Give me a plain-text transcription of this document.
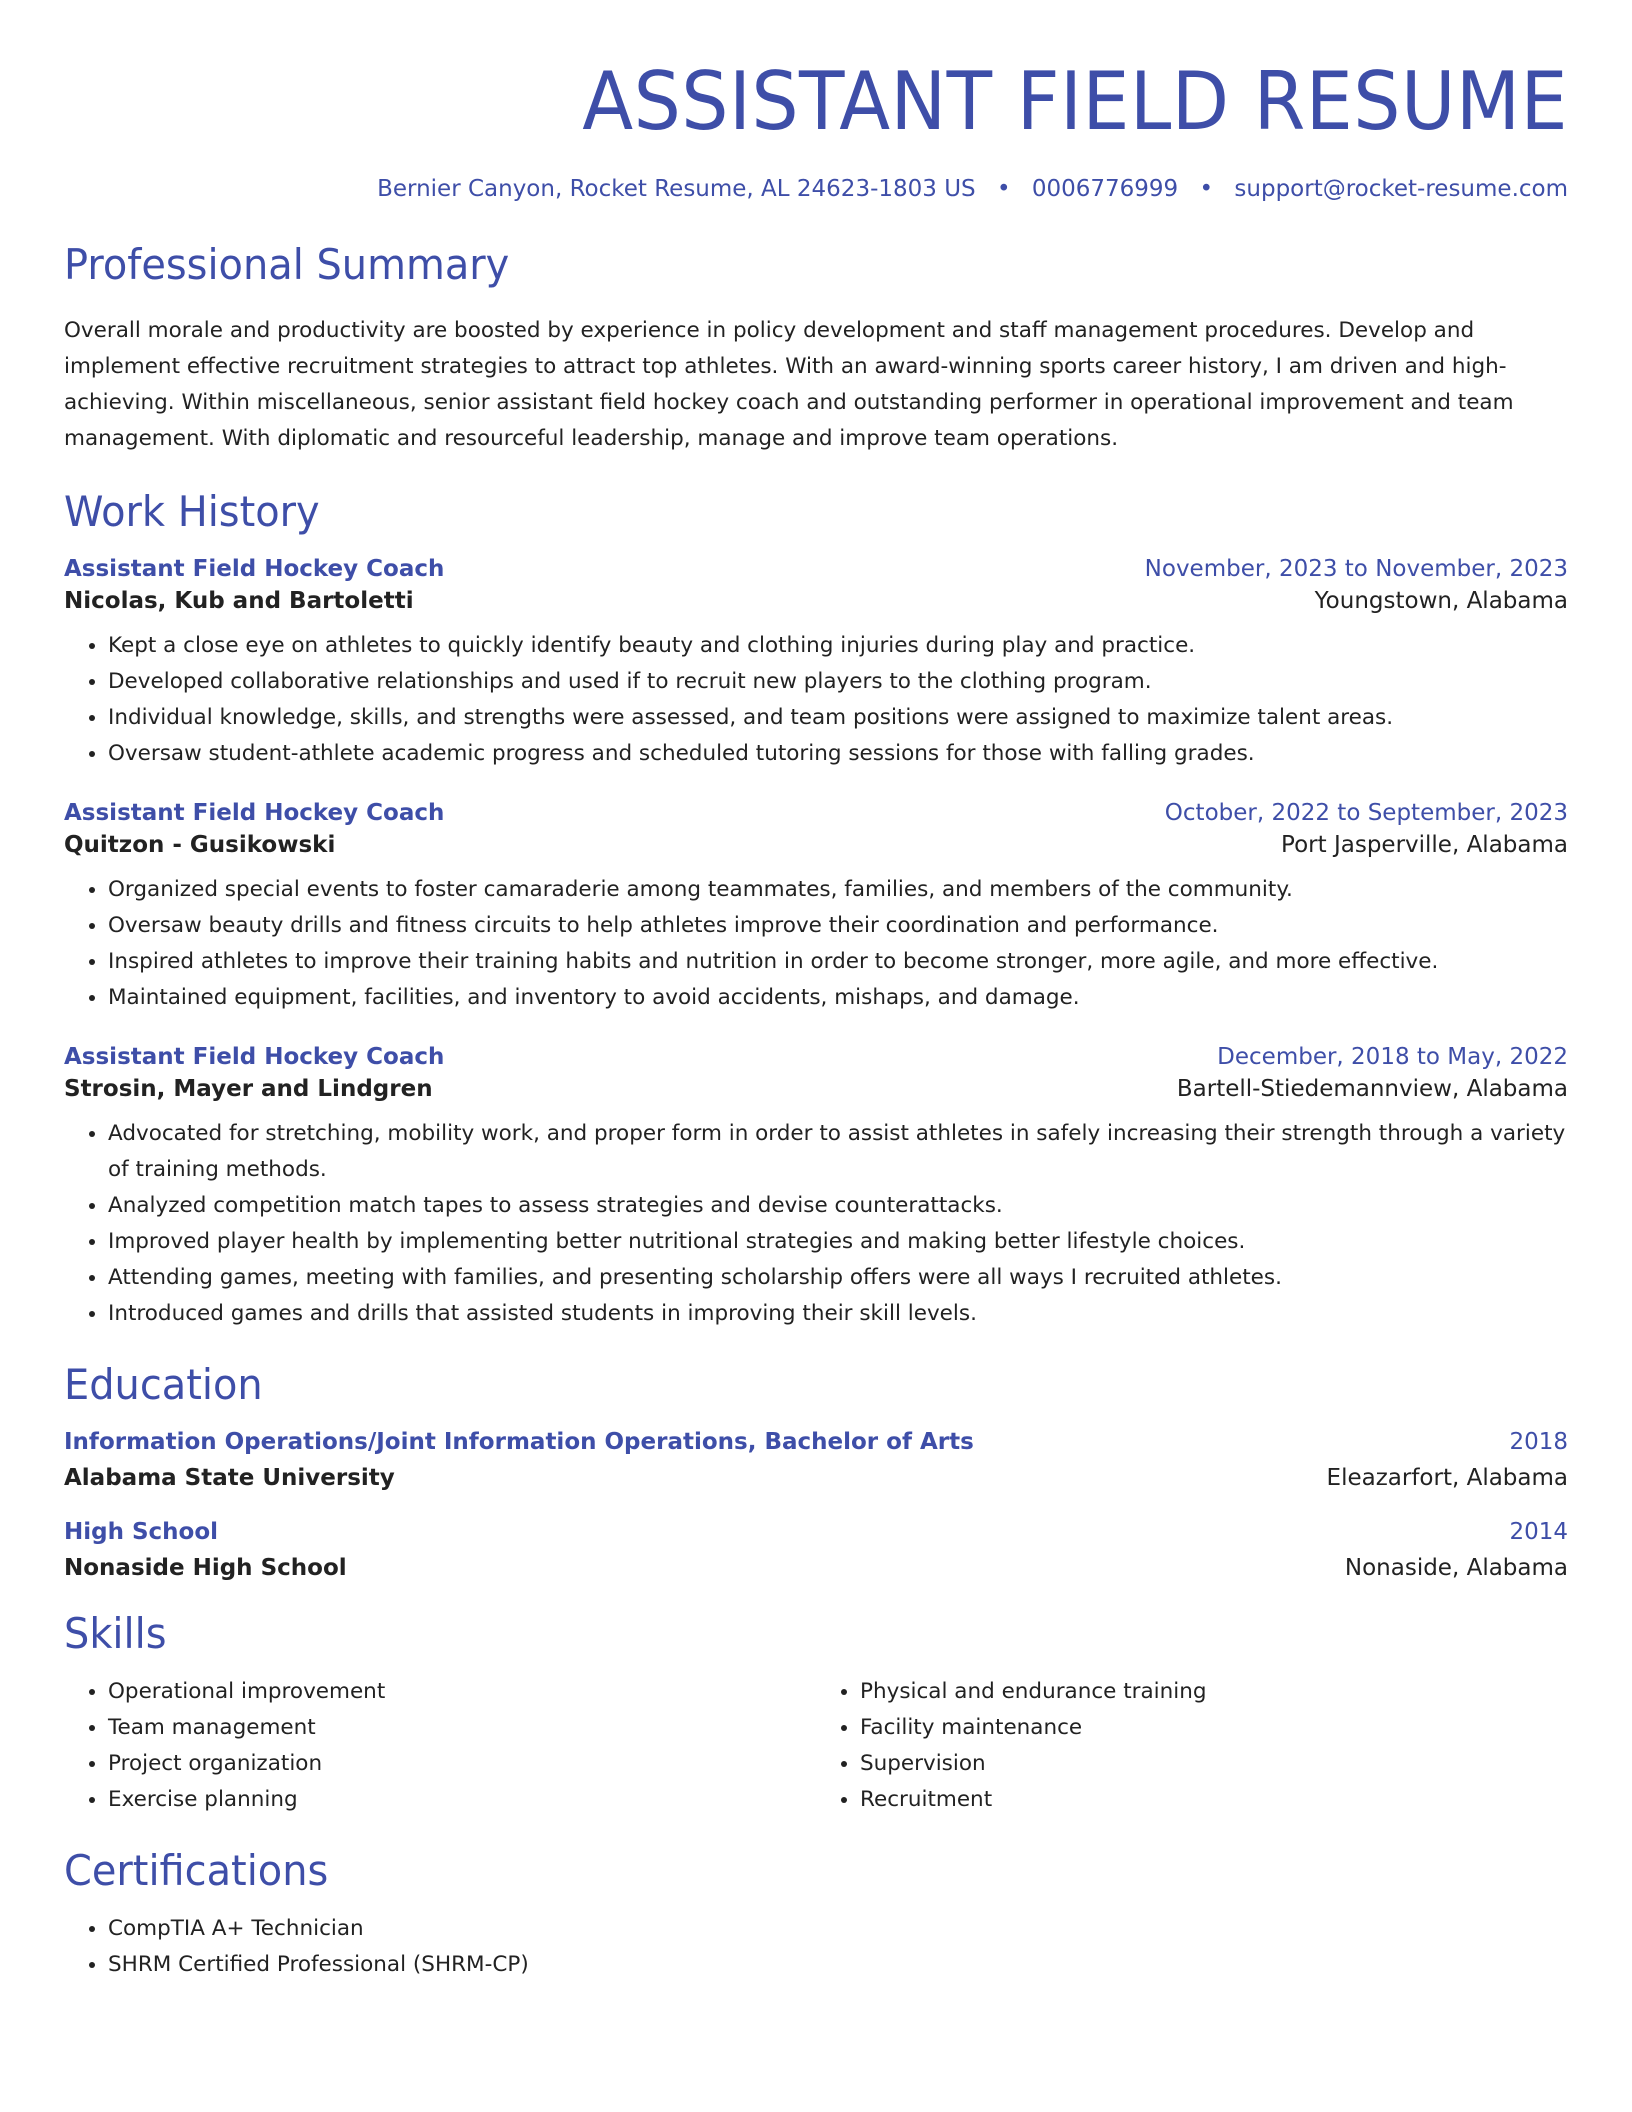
ASSISTANT FIELD RESUME
Bernier Canyon, Rocket Resume, AL 24623-1803 US • 0006776999 • support@rocket-resume.com
Professional Summary
Overall morale and productivity are boosted by experience in policy development and staff management procedures. Develop and implement effective recruitment strategies to attract top athletes. With an award-winning sports career history, I am driven and high-achieving. Within miscellaneous, senior assistant field hockey coach and outstanding performer in operational improvement and team management. With diplomatic and resourceful leadership, manage and improve team operations.
Work History
Assistant Field Hockey Coach	November, 2023 to November, 2023
Nicolas, Kub and Bartoletti	Youngstown, Alabama
• Kept a close eye on athletes to quickly identify beauty and clothing injuries during play and practice.
• Developed collaborative relationships and used if to recruit new players to the clothing program.
• Individual knowledge, skills, and strengths were assessed, and team positions were assigned to maximize talent areas.
• Oversaw student-athlete academic progress and scheduled tutoring sessions for those with falling grades.
Assistant Field Hockey Coach	October, 2022 to September, 2023
Quitzon - Gusikowski	Port Jasperville, Alabama
• Organized special events to foster camaraderie among teammates, families, and members of the community.
• Oversaw beauty drills and fitness circuits to help athletes improve their coordination and performance.
• Inspired athletes to improve their training habits and nutrition in order to become stronger, more agile, and more effective.
• Maintained equipment, facilities, and inventory to avoid accidents, mishaps, and damage.
Assistant Field Hockey Coach	December, 2018 to May, 2022
Strosin, Mayer and Lindgren	Bartell-Stiedemannview, Alabama
• Advocated for stretching, mobility work, and proper form in order to assist athletes in safely increasing their strength through a variety of training methods.
• Analyzed competition match tapes to assess strategies and devise counterattacks.
• Improved player health by implementing better nutritional strategies and making better lifestyle choices.
• Attending games, meeting with families, and presenting scholarship offers were all ways I recruited athletes.
• Introduced games and drills that assisted students in improving their skill levels.
Education
Information Operations/Joint Information Operations, Bachelor of Arts	2018
Alabama State University	Eleazarfort, Alabama
High School	2014
Nonaside High School	Nonaside, Alabama
Skills
• Operational improvement
• Team management
• Project organization
• Exercise planning
• Physical and endurance training
• Facility maintenance
• Supervision
• Recruitment
Certifications
• CompTIA A+ Technician
• SHRM Certified Professional (SHRM-CP)
